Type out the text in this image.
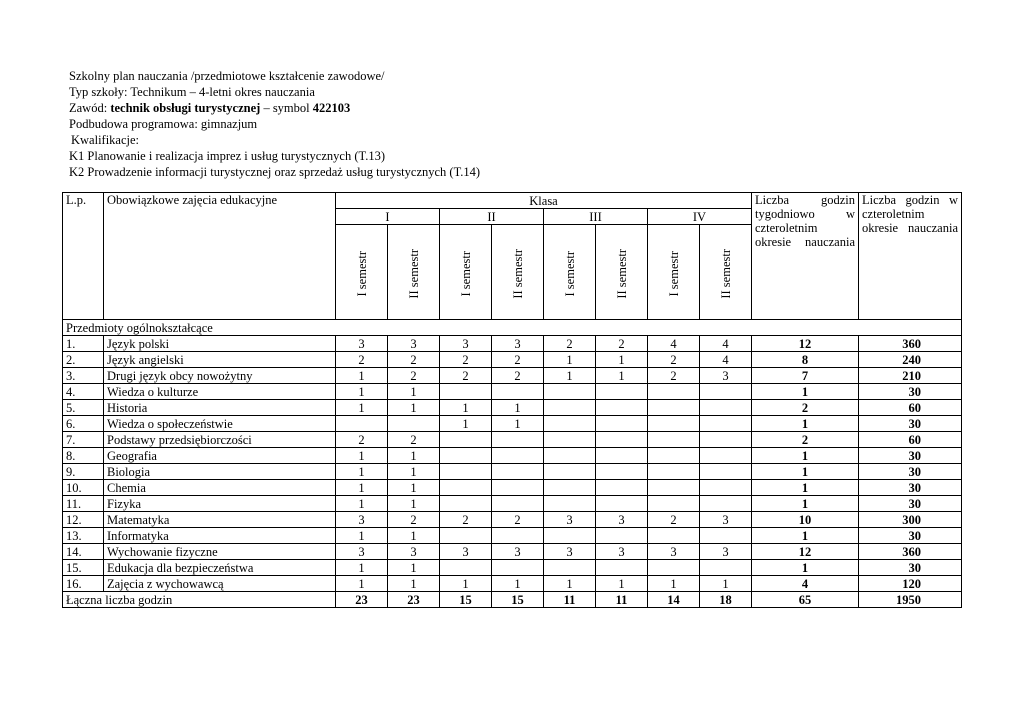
Szkolny plan nauczania /przedmiotowe kształcenie zawodowe/
Typ szkoły: Technikum – 4-letni okres nauczania
Zawód: technik obsługi turystycznej – symbol 422103
Podbudowa programowa: gimnazjum
Kwalifikacje:
K1 Planowanie i realizacja imprez i usług turystycznych (T.13)
K2 Prowadzenie informacji turystycznej oraz sprzedaż usług turystycznych (T.14)
L.p.	Obowiązkowe zajęcia edukacyjne	Klasa								Liczba godzin tygodniowo w czteroletnim okresie nauczania	Liczba godzin w czteroletnim okresie nauczania
		I		II		III		IV			

		I semestr	II semestr	I semestr	II semestr	I semestr	II semestr	I semestr	II semestr		

Przedmioty ogólnokształcące											
1.	Język polski	3	3	3	3	2	2	4	4	12	360
2.	Język angielski	2	2	2	2	1	1	2	4	8	240
3.	Drugi język obcy nowożytny	1	2	2	2	1	1	2	3	7	210
4.	Wiedza o kulturze	1	1							1	30
5.	Historia	1	1	1	1					2	60
6.	Wiedza o społeczeństwie			1	1					1	30
7.	Podstawy przedsiębiorczości	2	2							2	60
8.	Geografia	1	1							1	30
9.	Biologia	1	1							1	30
10.	Chemia	1	1							1	30
11.	Fizyka	1	1							1	30
12.	Matematyka	3	2	2	2	3	3	2	3	10	300
13.	Informatyka	1	1							1	30
14.	Wychowanie fizyczne	3	3	3	3	3	3	3	3	12	360
15.	Edukacja dla bezpieczeństwa	1	1							1	30
16.	Zajęcia z wychowawcą	1	1	1	1	1	1	1	1	4	120
Łączna liczba godzin		23	23	15	15	11	11	14	18	65	1950
